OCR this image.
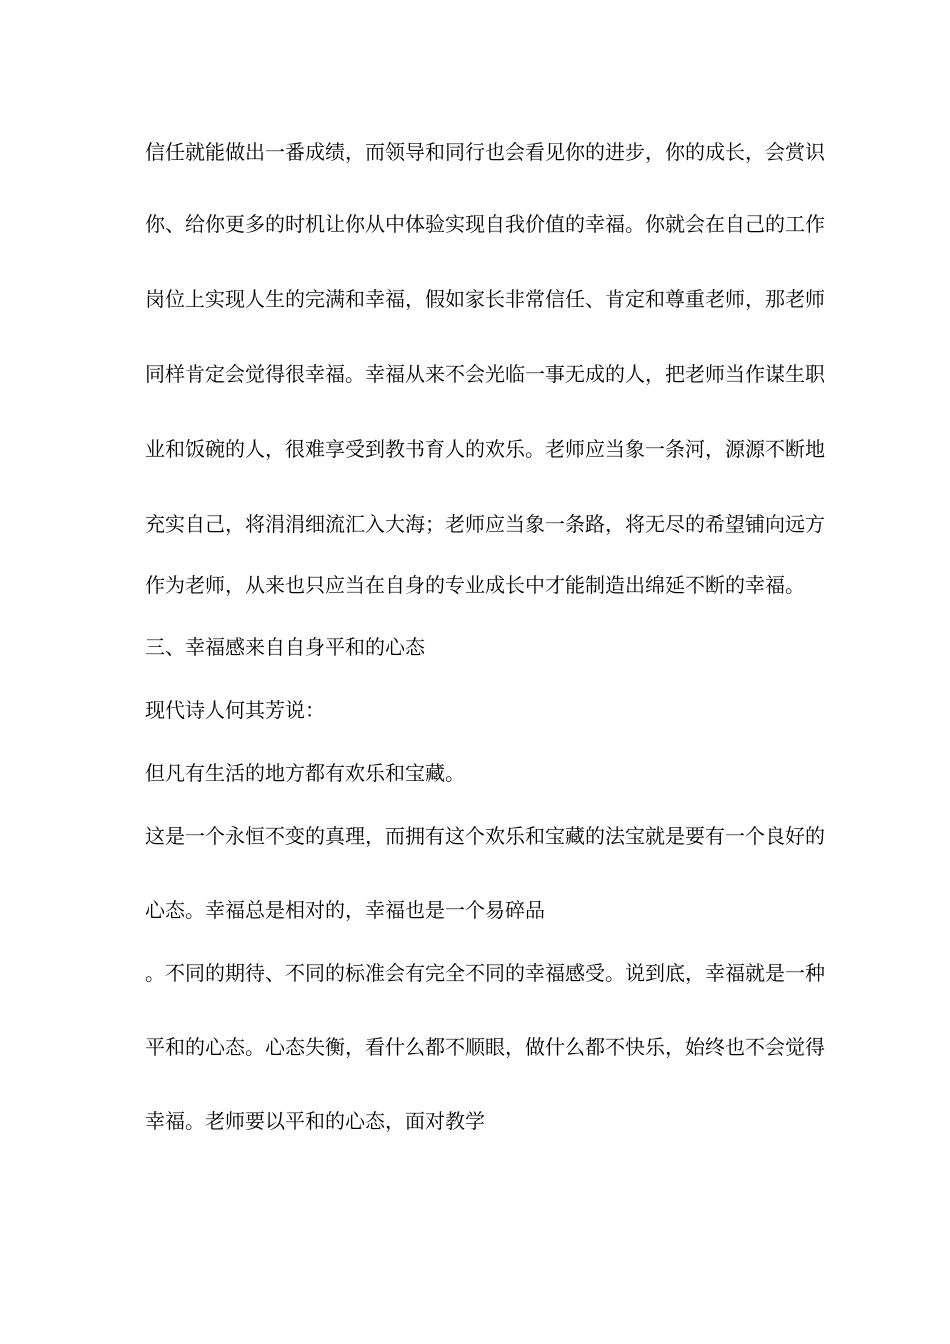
信任就能做出一番成绩，而领导和同行也会看见你的进步，你的成长，会赏识
你、给你更多的时机让你从中体验实现自我价值的幸福。你就会在自己的工作
岗位上实现人生的完满和幸福，假如家长非常信任、肯定和尊重老师，那老师
同样肯定会觉得很幸福。幸福从来不会光临一事无成的人，把老师当作谋生职
业和饭碗的人，很难享受到教书育人的欢乐。老师应当象一条河，源源不断地
充实自己，将涓涓细流汇入大海；老师应当象一条路，将无尽的希望铺向远方
作为老师，从来也只应当在自身的专业成长中才能制造出绵延不断的幸福。
三、幸福感来自自身平和的心态
现代诗人何其芳说：
但凡有生活的地方都有欢乐和宝藏。
这是一个永恒不变的真理，而拥有这个欢乐和宝藏的法宝就是要有一个良好的
心态。幸福总是相对的，幸福也是一个易碎品
。不同的期待、不同的标准会有完全不同的幸福感受。说到底，幸福就是一种
平和的心态。心态失衡，看什么都不顺眼，做什么都不快乐，始终也不会觉得
幸福。老师要以平和的心态，面对教学
